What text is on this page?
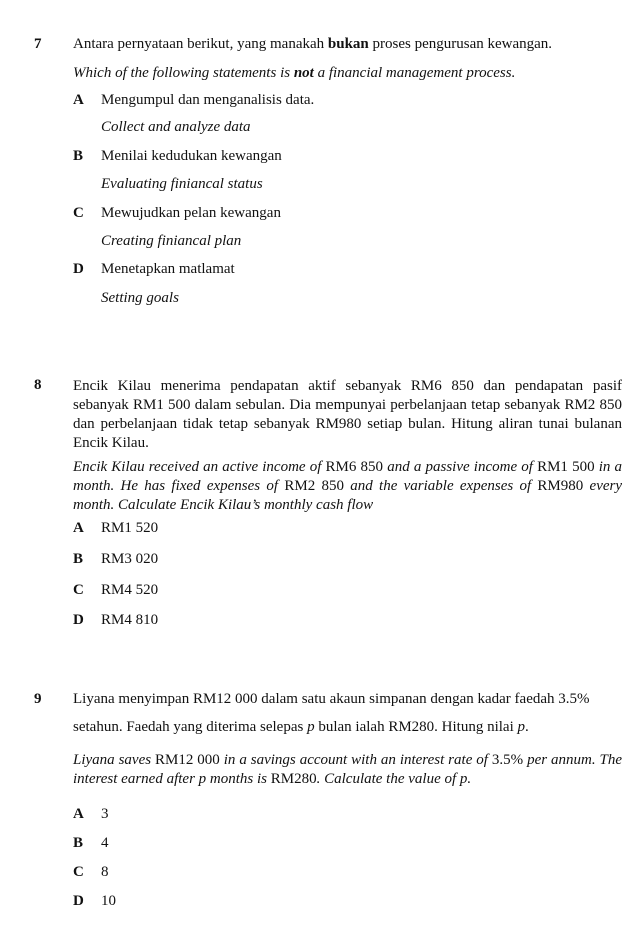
7 Antara pernyataan berikut, yang manakah bukan proses pengurusan kewangan.
Which of the following statements is not a financial management process.
A Mengumpul dan menganalisis data.
Collect and analyze data
B Menilai kedudukan kewangan
Evaluating finiancal status
C Mewujudkan pelan kewangan
Creating finiancal plan
D Menetapkan matlamat
Setting goals
8 Encik Kilau menerima pendapatan aktif sebanyak RM6 850 dan pendapatan pasif sebanyak RM1 500 dalam sebulan. Dia mempunyai perbelanjaan tetap sebanyak RM2 850 dan perbelanjaan tidak tetap sebanyak RM980 setiap bulan. Hitung aliran tunai bulanan Encik Kilau.
Encik Kilau received an active income of RM6 850 and a passive income of RM1 500 in a month. He has fixed expenses of RM2 850 and the variable expenses of RM980 every month. Calculate Encik Kilau’s monthly cash flow
A RM1 520
B RM3 020
C RM4 520
D RM4 810
9 Liyana menyimpan RM12 000 dalam satu akaun simpanan dengan kadar faedah 3.5%
setahun. Faedah yang diterima selepas p bulan ialah RM280. Hitung nilai p.
Liyana saves RM12 000 in a savings account with an interest rate of 3.5% per annum. The interest earned after p months is RM280. Calculate the value of p.
A 3
B 4
C 8
D 10
